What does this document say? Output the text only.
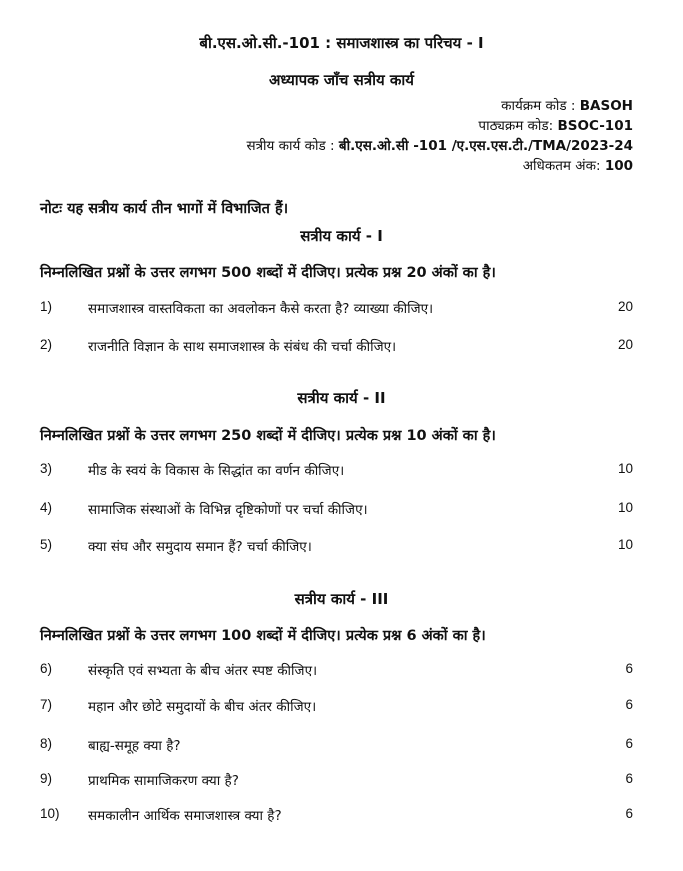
बी.एस.ओ.सी.-101 : समाजशास्त्र का परिचय - I
अध्यापक जाँच सत्रीय कार्य
कार्यक्रम कोड : BASOH
पाठ्यक्रम कोड: BSOC-101
सत्रीय कार्य कोड : बी.एस.ओ.सी -101 /ए.एस.एस.टी./TMA/2023-24
अधिकतम अंक: 100
नोटः यह सत्रीय कार्य तीन भागों में विभाजित हैं।
सत्रीय कार्य - I
निम्नलिखित प्रश्नों के उत्तर लगभग 500 शब्दों में दीजिए। प्रत्येक प्रश्न 20 अंकों का है।
1)	समाजशास्त्र वास्तविकता का अवलोकन कैसे करता है? व्याख्या कीजिए।	20
2)	राजनीति विज्ञान के साथ समाजशास्त्र के संबंध की चर्चा कीजिए।	20
सत्रीय कार्य - II
निम्नलिखित प्रश्नों के उत्तर लगभग 250 शब्दों में दीजिए। प्रत्येक प्रश्न 10 अंकों का है।
3)	मीड के स्वयं के विकास के सिद्धांत का वर्णन कीजिए।	10
4)	सामाजिक संस्थाओं के विभिन्न दृष्टिकोणों पर चर्चा कीजिए।	10
5)	क्या संघ और समुदाय समान हैं? चर्चा कीजिए।	10
सत्रीय कार्य - III
निम्नलिखित प्रश्नों के उत्तर लगभग 100 शब्दों में दीजिए। प्रत्येक प्रश्न 6 अंकों का है।
6)	संस्कृति एवं सभ्यता के बीच अंतर स्पष्ट कीजिए।	6
7)	महान और छोटे समुदायों के बीच अंतर कीजिए।	6
8)	बाह्य-समूह क्या है?	6
9)	प्राथमिक सामाजिकरण क्या है?	6
10) समकालीन आर्थिक समाजशास्त्र क्या है?	6
